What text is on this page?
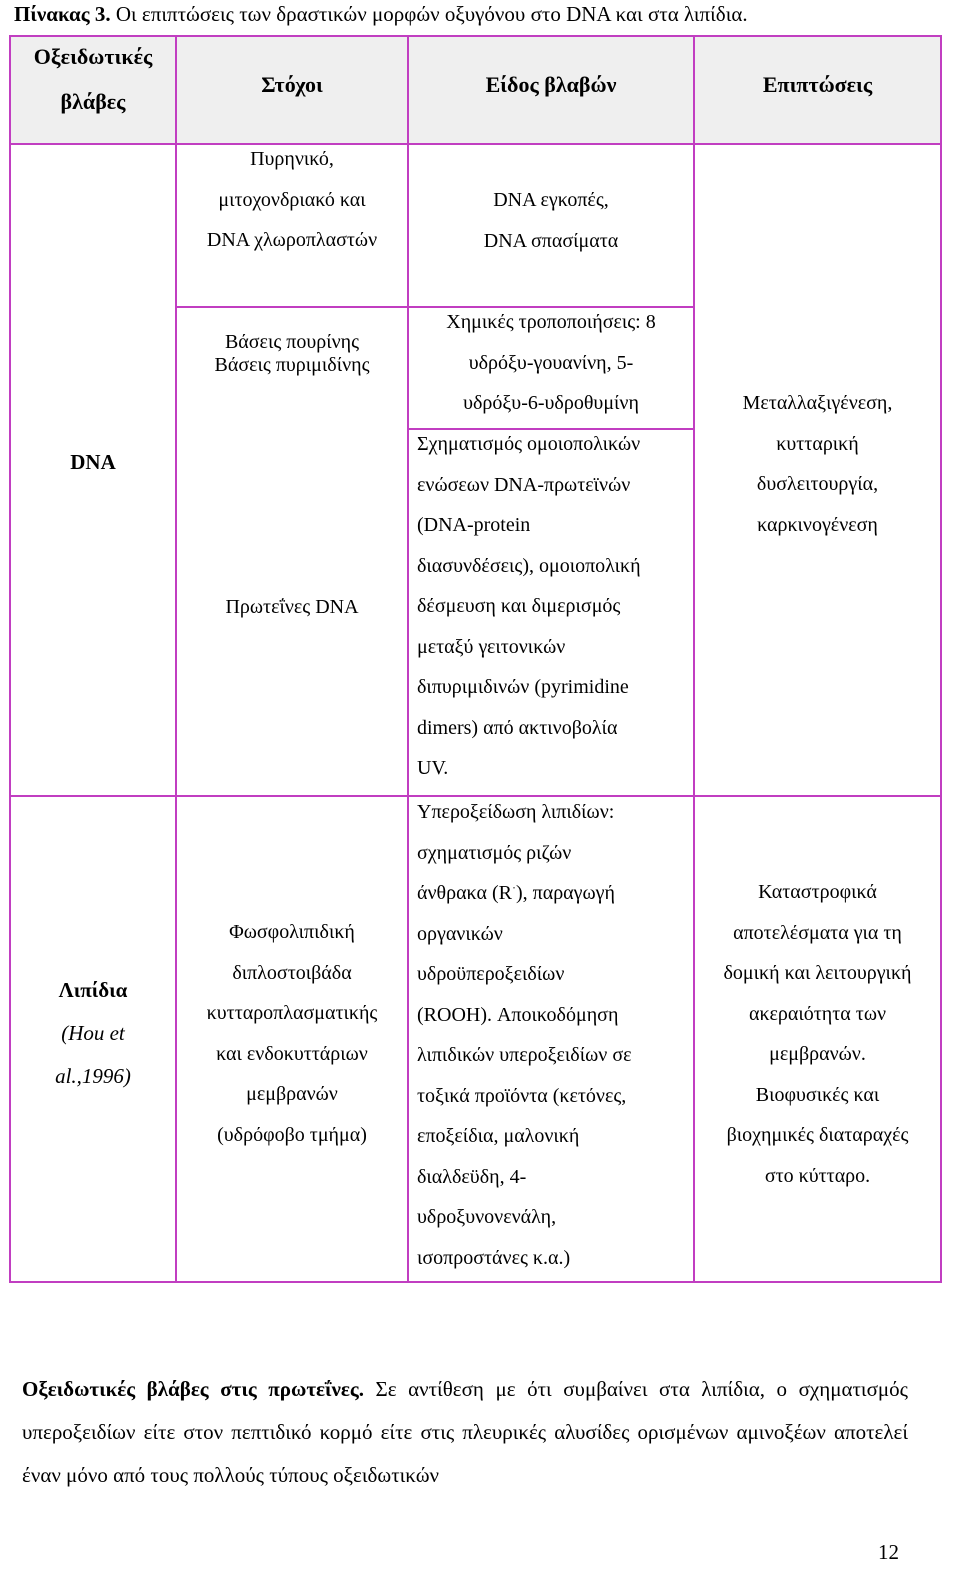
Πίνακας 3. Οι επιπτώσεις των δραστικών μορφών οξυγόνου στο DNA και στα λιπίδια.
Οξειδωτικές
βλάβες
Στόχοι	Είδος βλαβών	Επιπτώσεις
DNA
Πυρηνικό,
μιτοχονδριακό και
DNA χλωροπλαστών
DNA εγκοπές,
DNA σπασίματα
Βάσεις πουρίνης
Βάσεις πυριμιδίνης
Χημικές τροποποιήσεις: 8
υδρόξυ-γουανίνη, 5-
υδρόξυ-6-υδροθυμίνη
Πρωτεΐνες DNA
Σχηματισμός ομοιοπολικών
ενώσεων DNA-πρωτεϊνών
(DNA-protein
διασυνδέσεις), ομοιοπολική
δέσμευση και διμερισμός
μεταξύ γειτονικών
διπυριμιδινών (pyrimidine
dimers) από ακτινοβολία
UV.
Μεταλλαξιγένεση,
κυτταρική
δυσλειτουργία,
καρκινογένεση
Λιπίδια
(Hou et
al.,1996)
Φωσφολιπιδική
διπλοστοιβάδα
κυτταροπλασματικής
και ενδοκυττάριων
μεμβρανών
(υδρόφοβο τμήμα)
Υπεροξείδωση λιπιδίων:
σχηματισμός ριζών
άνθρακα (R·), παραγωγή
οργανικών
υδροϋπεροξειδίων
(ROOH). Αποικοδόμηση
λιπιδικών υπεροξειδίων σε
τοξικά προϊόντα (κετόνες,
εποξείδια, μαλονική
διαλδεϋδη, 4-
υδροξυνονενάλη,
ισοπροστάνες κ.α.)
Καταστροφικά
αποτελέσματα για τη
δομική και λειτουργική
ακεραιότητα των
μεμβρανών.
Βιοφυσικές και
βιοχημικές διαταραχές
στο κύτταρο.
Οξειδωτικές βλάβες στις πρωτεΐνες. Σε αντίθεση με ότι συμβαίνει στα λιπίδια, ο σχηματισμός υπεροξειδίων είτε στον πεπτιδικό κορμό είτε στις πλευρικές αλυσίδες ορισμένων αμινοξέων αποτελεί έναν μόνο από τους πολλούς τύπους οξειδωτικών
12
